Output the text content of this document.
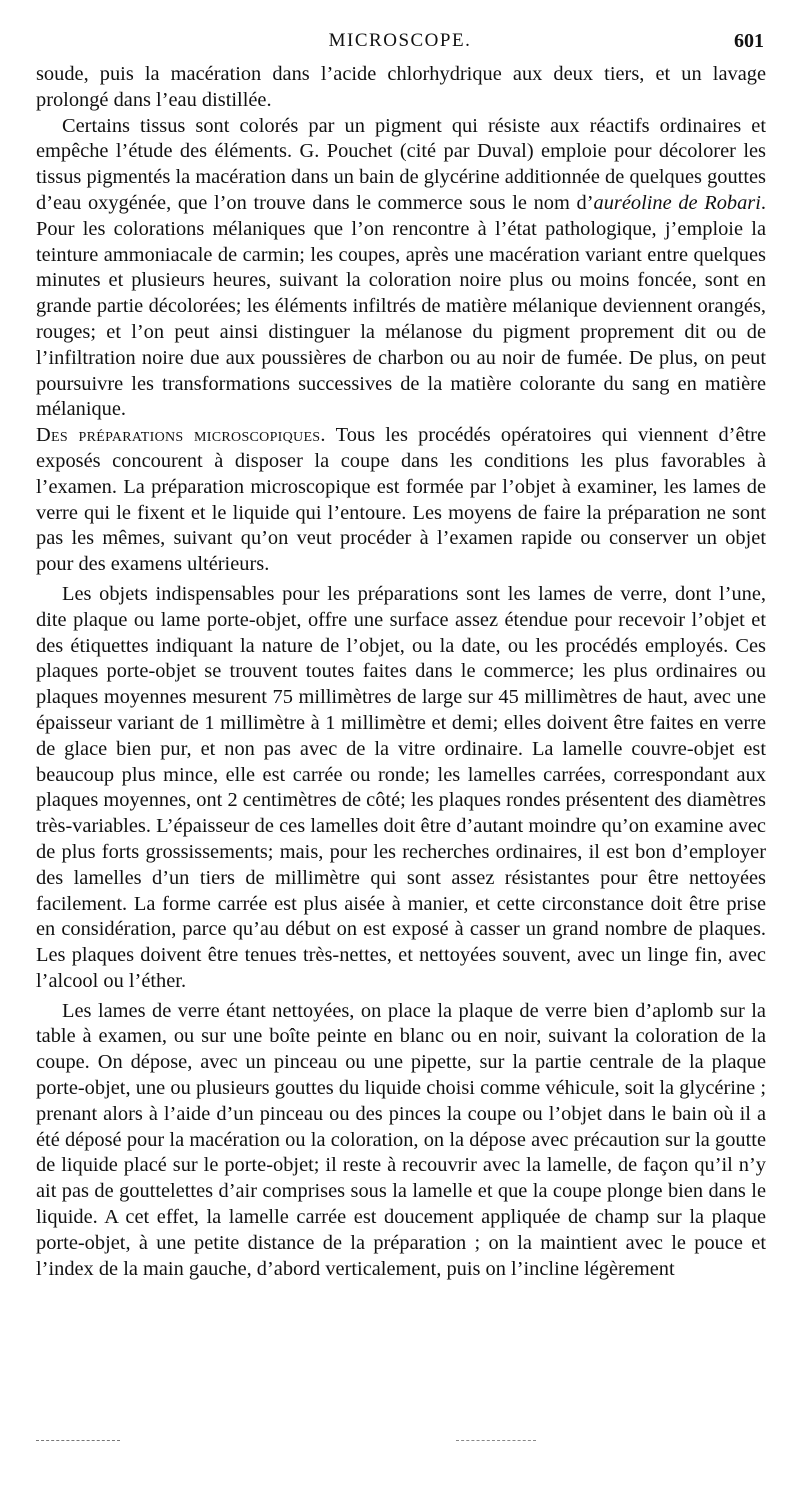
MICROSCOPE.	601

soude, puis la macération dans l’acide chlorhydrique aux deux tiers, et un lavage prolongé dans l’eau distillée.

Certains tissus sont colorés par un pigment qui résiste aux réactifs ordinaires et empêche l’étude des éléments. G. Pouchet (cité par Duval) emploie pour décolorer les tissus pigmentés la macération dans un bain de glycérine additionnée de quelques gouttes d’eau oxygénée, que l’on trouve dans le commerce sous le nom d’auréoline de Robari. Pour les colorations mélaniques que l’on rencontre à l’état pathologique, j’emploie la teinture ammoniacale de carmin; les coupes, après une macération variant entre quelques minutes et plusieurs heures, suivant la coloration noire plus ou moins foncée, sont en grande partie décolorées; les éléments infiltrés de matière mélanique deviennent orangés, rouges; et l’on peut ainsi distinguer la mélanose du pigment proprement dit ou de l’infiltration noire due aux poussières de charbon ou au noir de fumée. De plus, on peut poursuivre les transformations successives de la matière colorante du sang en matière mélanique.

Des préparations microscopiques. Tous les procédés opératoires qui viennent d’être exposés concourent à disposer la coupe dans les conditions les plus favorables à l’examen. La préparation microscopique est formée par l’objet à examiner, les lames de verre qui le fixent et le liquide qui l’entoure. Les moyens de faire la préparation ne sont pas les mêmes, suivant qu’on veut procéder à l’examen rapide ou conserver un objet pour des examens ultérieurs.

Les objets indispensables pour les préparations sont les lames de verre, dont l’une, dite plaque ou lame porte-objet, offre une surface assez étendue pour recevoir l’objet et des étiquettes indiquant la nature de l’objet, ou la date, ou les procédés employés. Ces plaques porte-objet se trouvent toutes faites dans le commerce; les plus ordinaires ou plaques moyennes mesurent 75 millimètres de large sur 45 millimètres de haut, avec une épaisseur variant de 1 millimètre à 1 millimètre et demi; elles doivent être faites en verre de glace bien pur, et non pas avec de la vitre ordinaire. La lamelle couvre-objet est beaucoup plus mince, elle est carrée ou ronde; les lamelles carrées, correspondant aux plaques moyennes, ont 2 centimètres de côté; les plaques rondes présentent des diamètres très-variables. L’épaisseur de ces lamelles doit être d’autant moindre qu’on examine avec de plus forts grossissements; mais, pour les recherches ordinaires, il est bon d’employer des lamelles d’un tiers de millimètre qui sont assez résistantes pour être nettoyées facilement. La forme carrée est plus aisée à manier, et cette circonstance doit être prise en considération, parce qu’au début on est exposé à casser un grand nombre de plaques. Les plaques doivent être tenues très-nettes, et nettoyées souvent, avec un linge fin, avec l’alcool ou l’éther.

Les lames de verre étant nettoyées, on place la plaque de verre bien d’aplomb sur la table à examen, ou sur une boîte peinte en blanc ou en noir, suivant la coloration de la coupe. On dépose, avec un pinceau ou une pipette, sur la partie centrale de la plaque porte-objet, une ou plusieurs gouttes du liquide choisi comme véhicule, soit la glycérine ; prenant alors à l’aide d’un pinceau ou des pinces la coupe ou l’objet dans le bain où il a été déposé pour la macération ou la coloration, on la dépose avec précaution sur la goutte de liquide placé sur le porte-objet; il reste à recouvrir avec la lamelle, de façon qu’il n’y ait pas de gouttelettes d’air comprises sous la lamelle et que la coupe plonge bien dans le liquide. A cet effet, la lamelle carrée est doucement appliquée de champ sur la plaque porte-objet, à une petite distance de la préparation ; on la maintient avec le pouce et l’index de la main gauche, d’abord verticalement, puis on l’incline légèrement
